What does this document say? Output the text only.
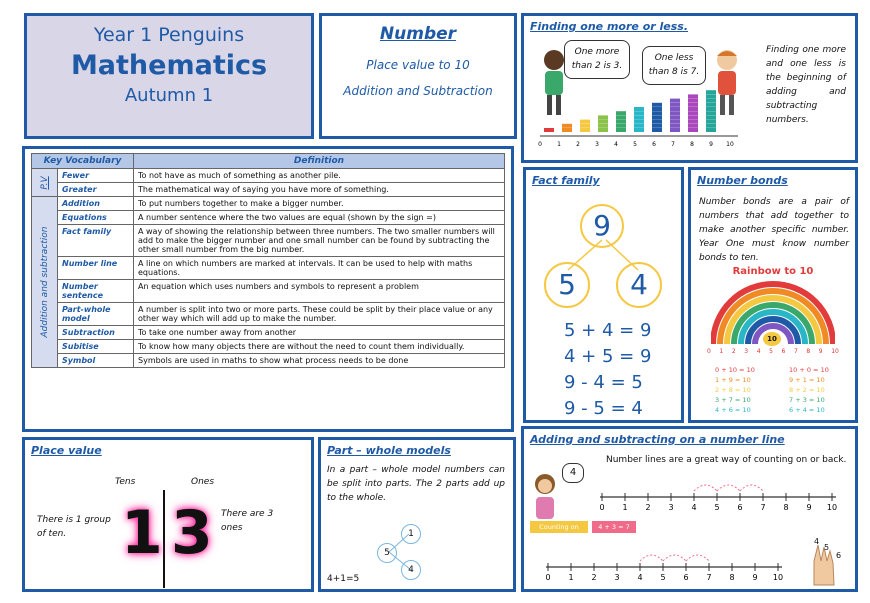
Year 1 Penguins
Mathematics
Autumn 1
Number
Place value to 10
Addition and Subtraction
Key Vocabulary		Definition

P.V	Fewer	To not have as much of something as another pile.
	Greater	The mathematical way of saying you have more of something.

Addition and subtraction	Addition	To put numbers together to make a bigger number.
	Equations	A number sentence where the two values are equal (shown by the sign =)
	Fact family	A way of showing the relationship between three numbers. The two smaller numbers will add to make the bigger number and one small number can be found by subtracting the other small number from the big number.
	Number line	A line on which numbers are marked at intervals. It can be used to help with maths equations.
	Number sentence	An equation which uses numbers and symbols to represent a problem
	Part-whole model	A number is split into two or more parts. These could be split by their place value or any other way which will add up to make the number.
	Subtraction	To take one number away from another
	Subitise	To know how many objects there are without the need to count them individually.
	Symbol	Symbols are used in maths to show what process needs to be done
Place value
Tens	Ones
There is 1 group of ten.
There are 3 ones
1 3
Part – whole models
In a part – whole model numbers can be split into parts. The 2 parts add up to the whole.
5
1
4
4+1=5
Finding one more or less.
One more than 2 is 3.
One less than 8 is 7.
0	1	2	3	4	5	6	7	8	9 10
Finding one more and one less is the beginning of adding and subtracting numbers.
Fact family
9
5	4
5 + 4 = 9
4 + 5 = 9
9 - 4 = 5
9 - 5 = 4
Number bonds
Number bonds are a pair of numbers that add together to make another specific number. Year One must know number bonds to ten.
Rainbow to 10
10
0 1 2 3 4 5 6 7 8 9 10
0 + 10 = 10
1 + 9 = 10
2 + 8 = 10
3 + 7 = 10
4 + 6 = 10
10 + 0 = 10
9 + 1 = 10
8 + 2 = 10
7 + 3 = 10
6 + 4 = 10
Adding and subtracting on a number line
Number lines are a great way of counting on or back.
4
Counting on	4 + 3 = 7
0 1 2 3 4 5 6 7 8 9 10
0 1 2 3 4 5 6 7 8 9 10
4
5
6
